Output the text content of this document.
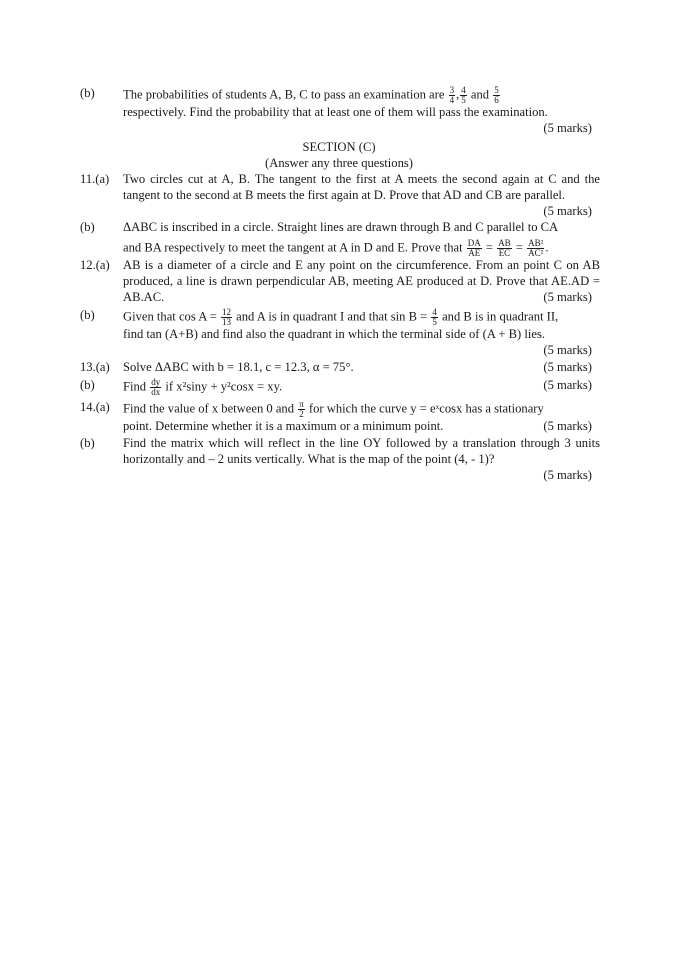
(b)	The probabilities of students A, B, C to pass an examination are $\frac{3}{4}$ , $\frac{4}{5}$ and $\frac{5}{6}$
respectively. Find the probability that at least one of them will pass the examination.
(5 marks)
SECTION (C)
(Answer any three questions)
11.(a)	Two circles cut at A, B. The tangent to the first at A meets the second again at C and the tangent to the second at B meets the first again at D. Prove that AD and CB are parallel.
(5 marks)
(b)	ΔABC is inscribed in a circle. Straight lines are drawn through B and C parallel to CA
and BA respectively to meet the tangent at A in D and E. Prove that $\frac{DA}{AE} = \frac{AB}{EC} = \frac{\text{AB²}}{\text{AC²}}$ .
12.(a)	AB is a diameter of a circle and E any point on the circumference. From an point C on AB produced, a line is drawn perpendicular AB, meeting AE produced at D. Prove that AE.AD = AB.AC.	(5 marks)
(b)	Given that $\cos A = \frac{12}{13}$ and A is in quadrant I and that $\sin B = \frac{4}{5}$ and B is in quadrant II,
find tan (A+B) and find also the quadrant in which the terminal side of (A + B) lies.
(5 marks)
13.(a)	Solve ΔABC with b = 18.1, c = 12.3, α = 75°.	(5 marks)
(b)	Find $\frac{dy}{dx}$ if x²siny + y²cosx = xy.	(5 marks)
14.(a)	Find the value of x between 0 and $\frac{\pi}{2}$ for which the curve y = eˣcosx has a stationary
point. Determine whether it is a maximum or a minimum point.	(5 marks)
(b)	Find the matrix which will reflect in the line OY followed by a translation through 3 units horizontally and – 2 units vertically. What is the map of the point (4, - 1)?
(5 marks)
